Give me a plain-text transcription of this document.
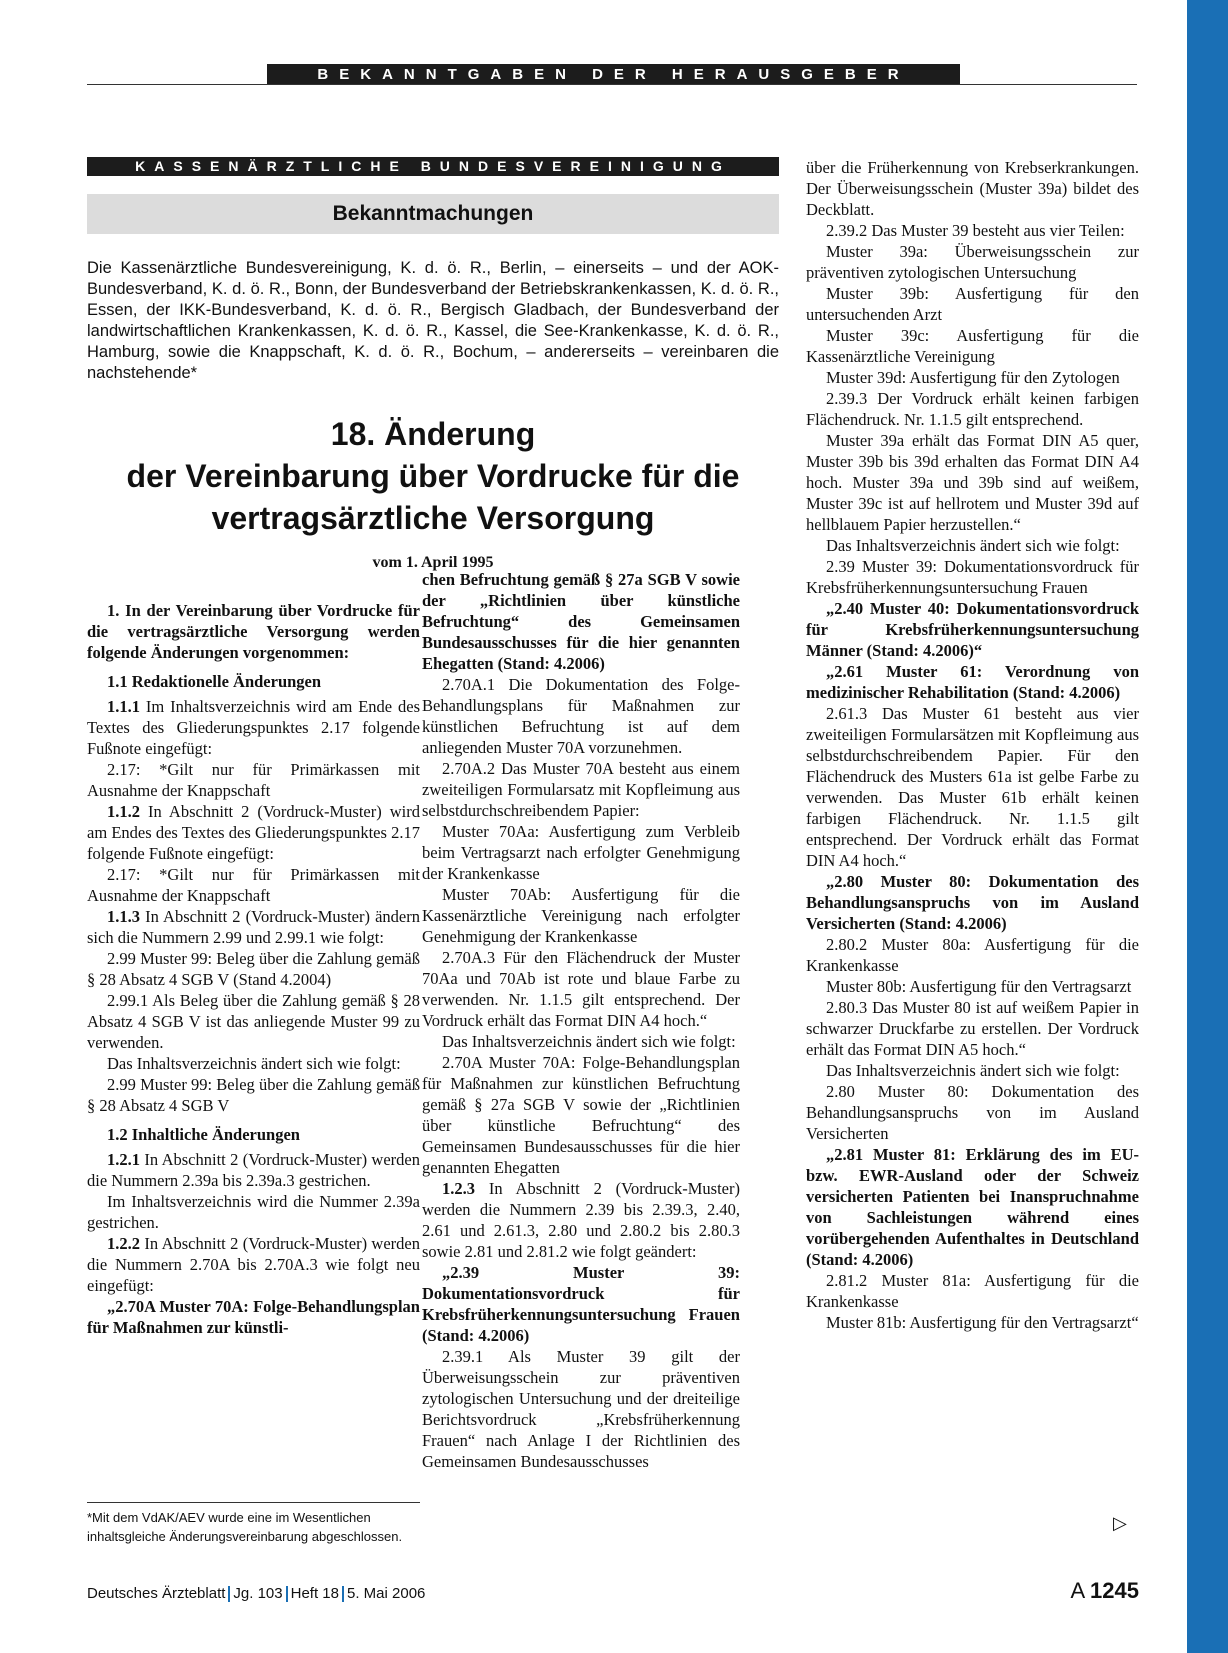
BEKANNTGABEN DER HERAUSGEBER
KASSENÄRZTLICHE BUNDESVEREINIGUNG
Bekanntmachungen

Die Kassenärztliche Bundesvereinigung, K. d. ö. R., Berlin, – einerseits – und der AOK-Bundesverband, K. d. ö. R., Bonn, der Bundesverband der Betriebskrankenkassen, K. d. ö. R., Essen, der IKK-Bundesverband, K. d. ö. R., Bergisch Gladbach, der Bundesverband der landwirtschaftlichen Krankenkassen, K. d. ö. R., Kassel, die See-Krankenkasse, K. d. ö. R., Hamburg, sowie die Knappschaft, K. d. ö. R., Bochum, – andererseits – vereinbaren die nachstehende*

18. Änderung
der Vereinbarung über Vordrucke für die
vertragsärztliche Versorgung
vom 1. April 1995

1. In der Vereinbarung über Vordrucke für die vertragsärztliche Versorgung werden folgende Änderungen vorgenommen:

1.1 Redaktionelle Änderungen

1.1.1 Im Inhaltsverzeichnis wird am Ende des Textes des Gliederungspunktes 2.17 folgende Fußnote eingefügt:

2.17: *Gilt nur für Primärkassen mit Ausnahme der Knappschaft

1.1.2 In Abschnitt 2 (Vordruck-Muster) wird am Endes des Textes des Gliederungspunktes 2.17 folgende Fußnote eingefügt:

2.17: *Gilt nur für Primärkassen mit Ausnahme der Knappschaft

1.1.3 In Abschnitt 2 (Vordruck-Muster) ändern sich die Nummern 2.99 und 2.99.1 wie folgt:

2.99 Muster 99: Beleg über die Zahlung gemäß § 28 Absatz 4 SGB V (Stand 4.2004)

2.99.1 Als Beleg über die Zahlung gemäß § 28 Absatz 4 SGB V ist das anliegende Muster 99 zu verwenden.

Das Inhaltsverzeichnis ändert sich wie folgt:

2.99 Muster 99: Beleg über die Zahlung gemäß § 28 Absatz 4 SGB V

1.2 Inhaltliche Änderungen

1.2.1 In Abschnitt 2 (Vordruck-Muster) werden die Nummern 2.39a bis 2.39a.3 gestrichen.

Im Inhaltsverzeichnis wird die Nummer 2.39a gestrichen.

1.2.2 In Abschnitt 2 (Vordruck-Muster) werden die Nummern 2.70A bis 2.70A.3 wie folgt neu eingefügt:

„2.70A Muster 70A: Folge-Behandlungsplan für Maßnahmen zur künstli-

chen Befruchtung gemäß § 27a SGB V sowie der „Richtlinien über künstliche Befruchtung“ des Gemeinsamen Bundesausschusses für die hier genannten Ehegatten (Stand: 4.2006)

2.70A.1 Die Dokumentation des Folge-Behandlungsplans für Maßnahmen zur künstlichen Befruchtung ist auf dem anliegenden Muster 70A vorzunehmen.

2.70A.2 Das Muster 70A besteht aus einem zweiteiligen Formularsatz mit Kopfleimung aus selbstdurchschreibendem Papier:

Muster 70Aa: Ausfertigung zum Verbleib beim Vertragsarzt nach erfolgter Genehmigung der Krankenkasse

Muster 70Ab: Ausfertigung für die Kassenärztliche Vereinigung nach erfolgter Genehmigung der Krankenkasse

2.70A.3 Für den Flächendruck der Muster 70Aa und 70Ab ist rote und blaue Farbe zu verwenden. Nr. 1.1.5 gilt entsprechend. Der Vordruck erhält das Format DIN A4 hoch.“

Das Inhaltsverzeichnis ändert sich wie folgt:

2.70A Muster 70A: Folge-Behandlungsplan für Maßnahmen zur künstlichen Befruchtung gemäß § 27a SGB V sowie der „Richtlinien über künstliche Befruchtung“ des Gemeinsamen Bundesausschusses für die hier genannten Ehegatten

1.2.3 In Abschnitt 2 (Vordruck-Muster) werden die Nummern 2.39 bis 2.39.3, 2.40, 2.61 und 2.61.3, 2.80 und 2.80.2 bis 2.80.3 sowie 2.81 und 2.81.2 wie folgt geändert:

„2.39 Muster 39: Dokumentationsvordruck für Krebsfrüherkennungsuntersuchung Frauen (Stand: 4.2006)

2.39.1 Als Muster 39 gilt der Überweisungsschein zur präventiven zytologischen Untersuchung und der dreiteilige Berichtsvordruck „Krebsfrüherkennung Frauen“ nach Anlage I der Richtlinien des Gemeinsamen Bundesausschusses

über die Früherkennung von Krebserkrankungen. Der Überweisungsschein (Muster 39a) bildet des Deckblatt.

2.39.2 Das Muster 39 besteht aus vier Teilen:

Muster 39a: Überweisungsschein zur präventiven zytologischen Untersuchung

Muster 39b: Ausfertigung für den untersuchenden Arzt

Muster 39c: Ausfertigung für die Kassenärztliche Vereinigung

Muster 39d: Ausfertigung für den Zytologen

2.39.3 Der Vordruck erhält keinen farbigen Flächendruck. Nr. 1.1.5 gilt entsprechend.

Muster 39a erhält das Format DIN A5 quer, Muster 39b bis 39d erhalten das Format DIN A4 hoch. Muster 39a und 39b sind auf weißem, Muster 39c ist auf hellrotem und Muster 39d auf hellblauem Papier herzustellen.“

Das Inhaltsverzeichnis ändert sich wie folgt:

2.39 Muster 39: Dokumentationsvordruck für Krebsfrüherkennungsuntersuchung Frauen

„2.40 Muster 40: Dokumentationsvordruck für Krebsfrüherkennungsuntersuchung Männer (Stand: 4.2006)“

„2.61 Muster 61: Verordnung von medizinischer Rehabilitation (Stand: 4.2006)

2.61.3 Das Muster 61 besteht aus vier zweiteiligen Formularsätzen mit Kopfleimung aus selbstdurchschreibendem Papier. Für den Flächendruck des Musters 61a ist gelbe Farbe zu verwenden. Das Muster 61b erhält keinen farbigen Flächendruck. Nr. 1.1.5 gilt entsprechend. Der Vordruck erhält das Format DIN A4 hoch.“

„2.80 Muster 80: Dokumentation des Behandlungsanspruchs von im Ausland Versicherten (Stand: 4.2006)

2.80.2 Muster 80a: Ausfertigung für die Krankenkasse

Muster 80b: Ausfertigung für den Vertragsarzt

2.80.3 Das Muster 80 ist auf weißem Papier in schwarzer Druckfarbe zu erstellen. Der Vordruck erhält das Format DIN A5 hoch.“

Das Inhaltsverzeichnis ändert sich wie folgt:

2.80 Muster 80: Dokumentation des Behandlungsanspruchs von im Ausland Versicherten

„2.81 Muster 81: Erklärung des im EU- bzw. EWR-Ausland oder der Schweiz versicherten Patienten bei Inanspruchnahme von Sachleistungen während eines vorübergehenden Aufenthaltes in Deutschland (Stand: 4.2006)

2.81.2 Muster 81a: Ausfertigung für die Krankenkasse

Muster 81b: Ausfertigung für den Vertragsarzt“

▷

*Mit dem VdAK/AEV wurde eine im Wesentlichen inhaltsgleiche Änderungsvereinbarung abgeschlossen.

Deutsches Ärzteblatt Jg. 103 Heft 18 5. Mai 2006	A 1245
